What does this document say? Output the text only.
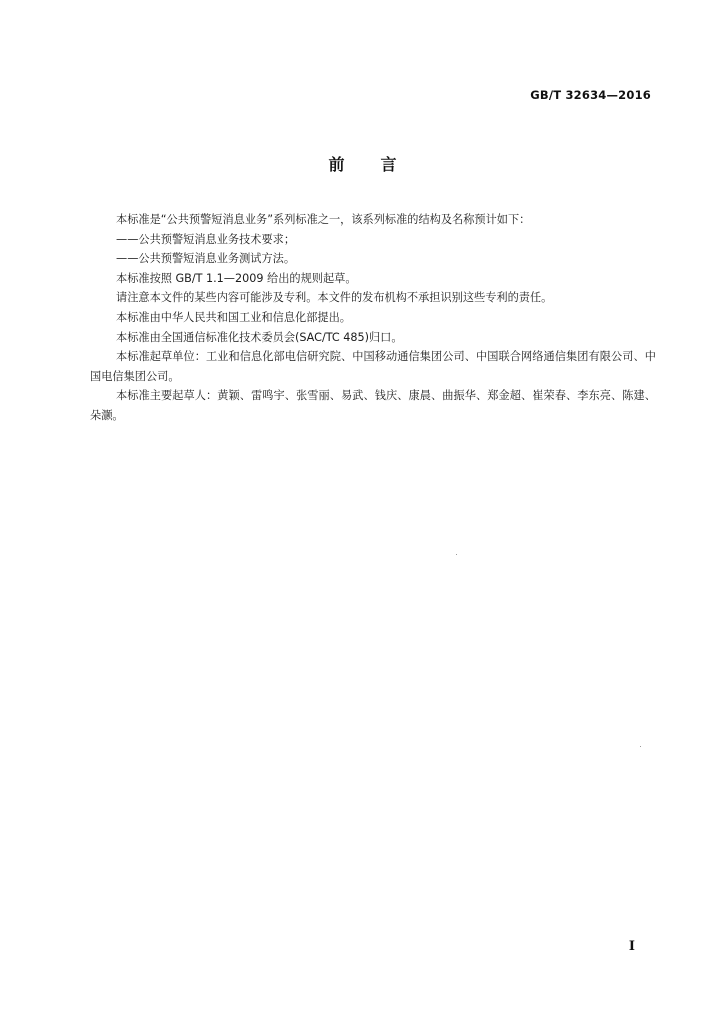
GB/T 32634—2016
前言

本标准是“公共预警短消息业务”系列标准之一，该系列标准的结构及名称预计如下：

——公共预警短消息业务技术要求；

——公共预警短消息业务测试方法。

本标准按照 GB/T 1.1—2009 给出的规则起草。

请注意本文件的某些内容可能涉及专利。本文件的发布机构不承担识别这些专利的责任。

本标准由中华人民共和国工业和信息化部提出。

本标准由全国通信标准化技术委员会(SAC/TC 485)归口。

本标准起草单位：工业和信息化部电信研究院、中国移动通信集团公司、中国联合网络通信集团有限公司、中国电信集团公司。

本标准主要起草人：黄颖、雷鸣宇、张雪丽、易武、钱庆、康晨、曲振华、郑金超、崔荣春、李东亮、陈建、朵灏。

I
